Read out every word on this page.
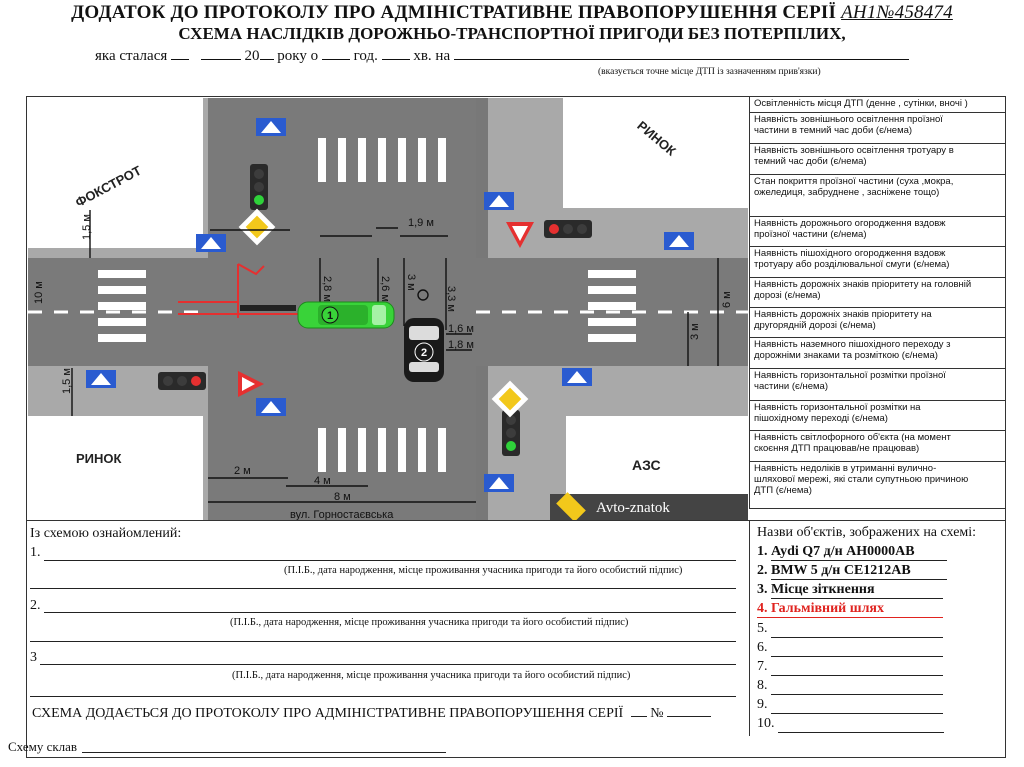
ДОДАТОК ДО ПРОТОКОЛУ ПРО АДМІНІСТРАТИВНЕ ПРАВОПОРУШЕННЯ СЕРІЇ АН1№458474
СХЕМА НАСЛІДКІВ ДОРОЖНЬО-ТРАНСПОРТНОЇ ПРИГОДИ БЕЗ ПОТЕРПІЛИХ,
яка сталася	20 року о год. хв. на
(вказується точне місце ДТП із зазначенням прив'язки)
ФОКСТРОТ
РИНОК
РИНОК	АЗС
1,5 м	1,9 м
2,8 м	2,6 м 3 м
3,3 м
1,6 м
1,8 м
6 м
3 м
1,5 м
2 м
4 м
8 м
10 м
1
2
вул. Горностаєвська	Avto-znatok
Освітленність місця ДТП (денне , сутінки, вночі )
Наявність зовнішнього освітлення проїзної частини в темний час доби (є/нема)
Наявність зовнішнього освітлення тротуару в темний час доби (є/нема)
Стан покриття проїзної частини (суха ,мокра, ожеледиця, забруднене , засніжене тощо)
Наявність дорожнього огородження вздовж проїзної частини (є/нема)
Наявність пішохідного огородження вздовж тротуару або розділювальної смуги (є/нема)
Наявність дорожніх знаків пріоритету на головній дорозі (є/нема)
Наявність дорожніх знаків пріоритету на другорядній дорозі (є/нема)
Наявність наземного пішохідного переходу з дорожніми знаками та розміткою (є/нема)
Наявність горизонтальної розмітки проїзної частини (є/нема)
Наявність горизонтальної розмітки на пішохідному переході (є/нема)
Наявність світлофорного об'єкта (на момент скоєння ДТП працював/не працював)
Наявність недоліків в утриманні вулично-шляхової мережі, які стали супутньою причиною ДТП (є/нема)
Із схемою ознайомлений:
1.
(П.І.Б., дата народження, місце проживання учасника пригоди та його особистий підпис)
2.
(П.І.Б., дата народження, місце проживання учасника пригоди та його особистий підпис)
3
(П.І.Б., дата народження, місце проживання учасника пригоди та його особистий підпис)
СХЕМА ДОДАЄТЬСЯ ДО ПРОТОКОЛУ ПРО АДМІНІСТРАТИВНЕ ПРАВОПОРУШЕННЯ СЕРІЇ №
Схему склав
Назви об'єктів, зображених на схемі:
1. Aydi Q7 д/н АН0000АВ
2. BMW 5 д/н СЕ1212АВ
3. Місце зіткнення
4. Гальмівний шлях
5.
6.
7.
8.
9.
10.
